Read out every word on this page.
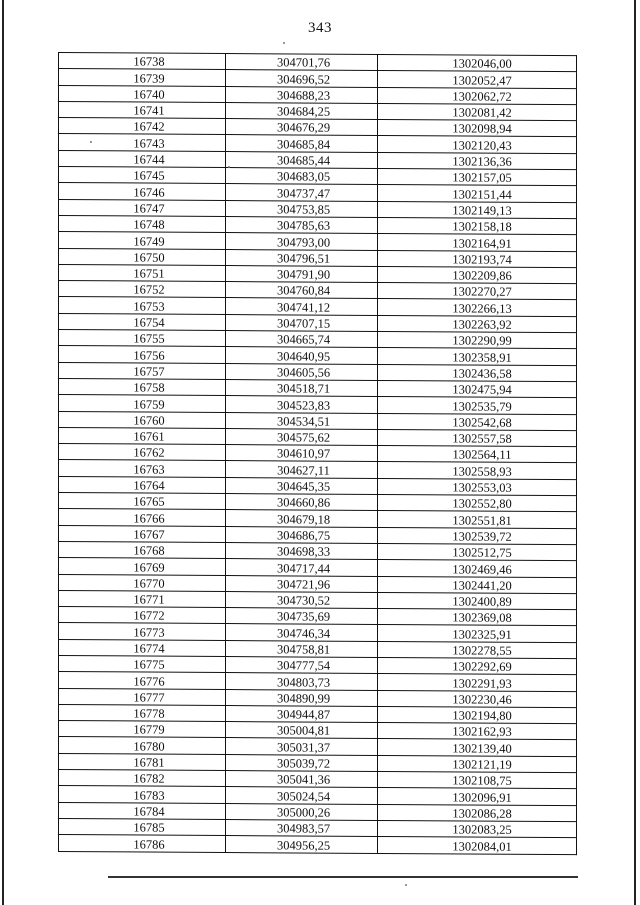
343
16738	304701,76	1302046,00
16739	304696,52	1302052,47
16740	304688,23	1302062,72
16741	304684,25	1302081,42
16742	304676,29	1302098,94
16743	304685,84	1302120,43
16744	304685,44	1302136,36
16745	304683,05	1302157,05
16746	304737,47	1302151,44
16747	304753,85	1302149,13
16748	304785,63	1302158,18
16749	304793,00	1302164,91
16750	304796,51	1302193,74
16751	304791,90	1302209,86
16752	304760,84	1302270,27
16753	304741,12	1302266,13
16754	304707,15	1302263,92
16755	304665,74	1302290,99
16756	304640,95	1302358,91
16757	304605,56	1302436,58
16758	304518,71	1302475,94
16759	304523,83	1302535,79
16760	304534,51	1302542,68
16761	304575,62	1302557,58
16762	304610,97	1302564,11
16763	304627,11	1302558,93
16764	304645,35	1302553,03
16765	304660,86	1302552,80
16766	304679,18	1302551,81
16767	304686,75	1302539,72
16768	304698,33	1302512,75
16769	304717,44	1302469,46
16770	304721,96	1302441,20
16771	304730,52	1302400,89
16772	304735,69	1302369,08
16773	304746,34	1302325,91
16774	304758,81	1302278,55
16775	304777,54	1302292,69
16776	304803,73	1302291,93
16777	304890,99	1302230,46
16778	304944,87	1302194,80
16779	305004,81	1302162,93
16780	305031,37	1302139,40
16781	305039,72	1302121,19
16782	305041,36	1302108,75
16783	305024,54	1302096,91
16784	305000,26	1302086,28
16785	304983,57	1302083,25
16786	304956,25	1302084,01
